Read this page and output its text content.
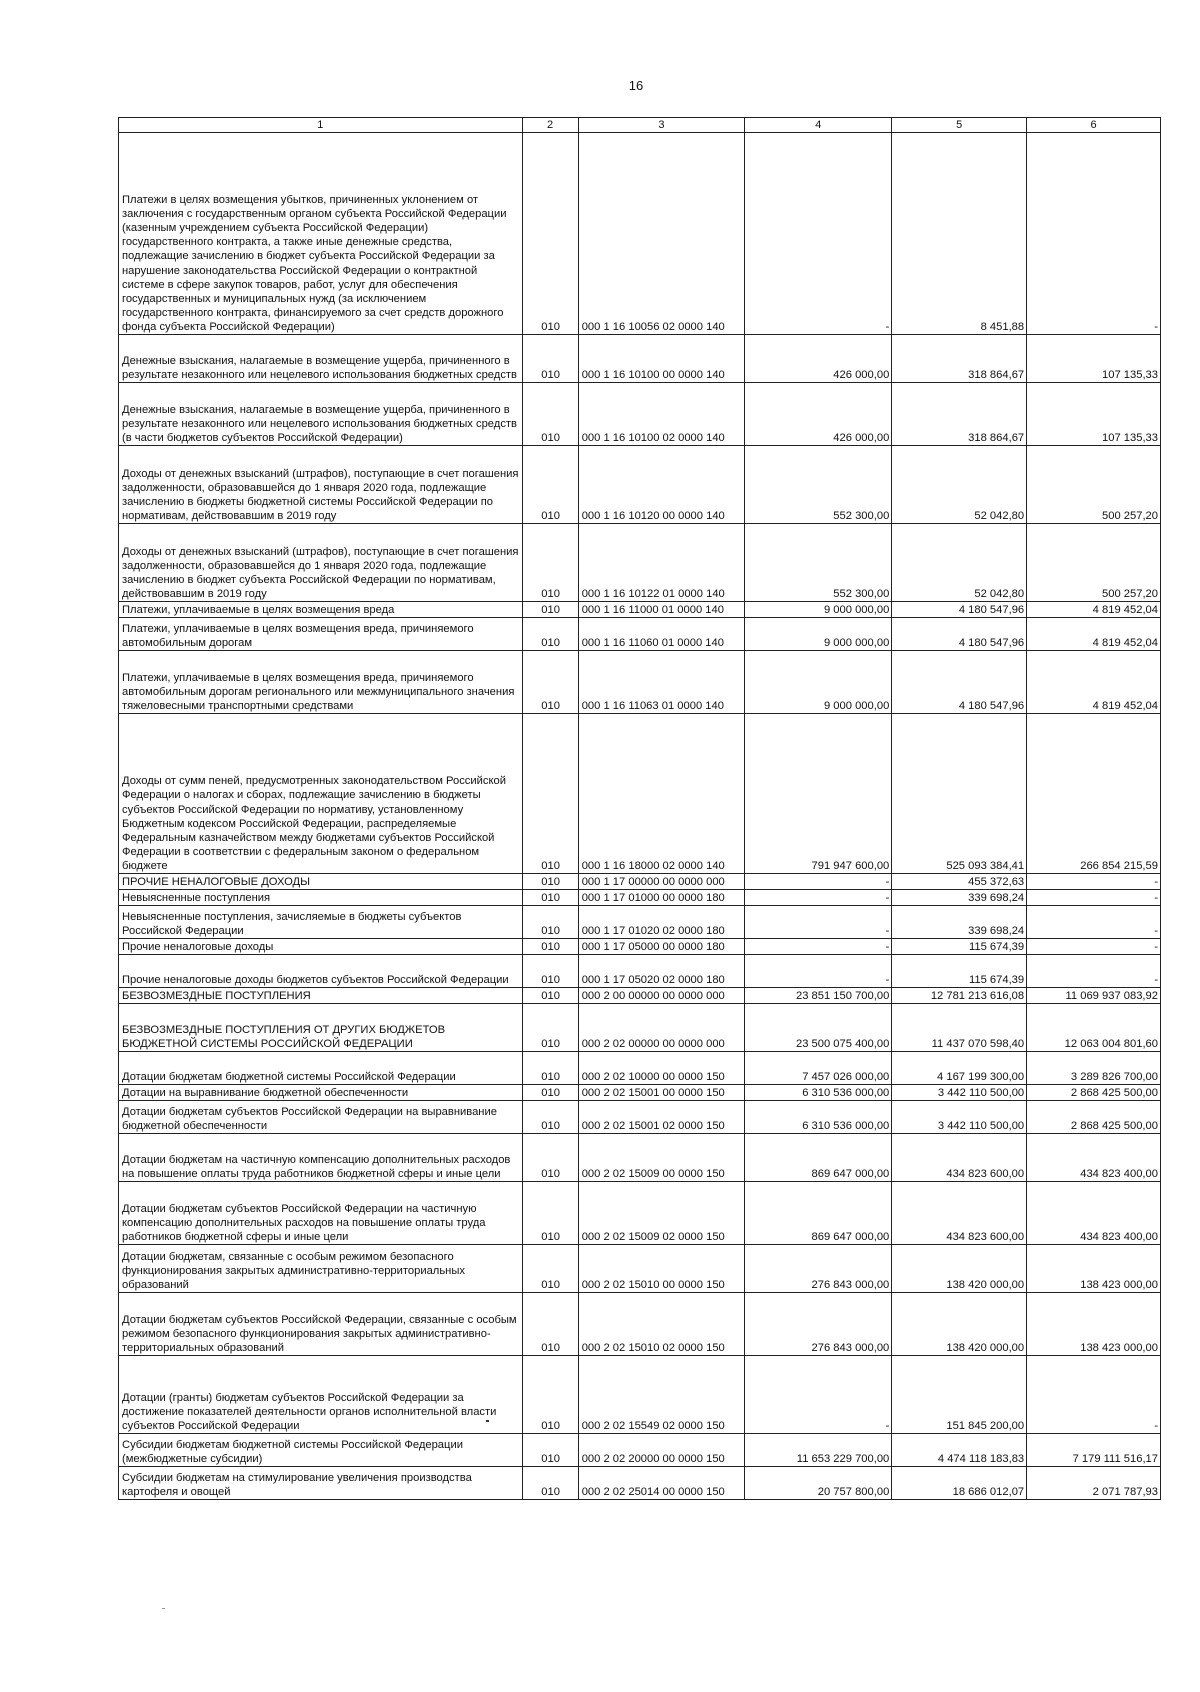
16
1	2	3	4	5	6
Платежи в целях возмещения убытков, причиненных уклонением от заключения с государственным органом субъекта Российской Федерации (казенным учреждением субъекта Российской Федерации) государственного контракта, а также иные денежные средства, подлежащие зачислению в бюджет субъекта Российской Федерации за нарушение законодательства Российской Федерации о контрактной системе в сфере закупок товаров, работ, услуг для обеспечения государственных и муниципальных нужд (за исключением государственного контракта, финансируемого за счет средств дорожного фонда субъекта Российской Федерации)	010	000 1 16 10056 02 0000 140	-	8 451,88	-
Денежные взыскания, налагаемые в возмещение ущерба, причиненного в результате незаконного или нецелевого использования бюджетных средств	010	000 1 16 10100 00 0000 140	426 000,00	318 864,67	107 135,33
Денежные взыскания, налагаемые в возмещение ущерба, причиненного в результате незаконного или нецелевого использования бюджетных средств (в части бюджетов субъектов Российской Федерации)	010	000 1 16 10100 02 0000 140	426 000,00	318 864,67	107 135,33
Доходы от денежных взысканий (штрафов), поступающие в счет погашения задолженности, образовавшейся до 1 января 2020 года, подлежащие зачислению в бюджеты бюджетной системы Российской Федерации по нормативам, действовавшим в 2019 году	010	000 1 16 10120 00 0000 140	552 300,00	52 042,80	500 257,20
Доходы от денежных взысканий (штрафов), поступающие в счет погашения задолженности, образовавшейся до 1 января 2020 года, подлежащие зачислению в бюджет субъекта Российской Федерации по нормативам, действовавшим в 2019 году	010	000 1 16 10122 01 0000 140	552 300,00	52 042,80	500 257,20
Платежи, уплачиваемые в целях возмещения вреда	010	000 1 16 11000 01 0000 140	9 000 000,00	4 180 547,96	4 819 452,04
Платежи, уплачиваемые в целях возмещения вреда, причиняемого автомобильным дорогам	010	000 1 16 11060 01 0000 140	9 000 000,00	4 180 547,96	4 819 452,04
Платежи, уплачиваемые в целях возмещения вреда, причиняемого автомобильным дорогам регионального или межмуниципального значения тяжеловесными транспортными средствами	010	000 1 16 11063 01 0000 140	9 000 000,00	4 180 547,96	4 819 452,04
Доходы от сумм пеней, предусмотренных законодательством Российской Федерации о налогах и сборах, подлежащие зачислению в бюджеты субъектов Российской Федерации по нормативу, установленному Бюджетным кодексом Российской Федерации, распределяемые Федеральным казначейством между бюджетами субъектов Российской Федерации в соответствии с федеральным законом о федеральном бюджете	010	000 1 16 18000 02 0000 140	791 947 600,00	525 093 384,41	266 854 215,59
ПРОЧИЕ НЕНАЛОГОВЫЕ ДОХОДЫ	010	000 1 17 00000 00 0000 000	-	455 372,63	-
Невыясненные поступления	010	000 1 17 01000 00 0000 180	-	339 698,24	-
Невыясненные поступления, зачисляемые в бюджеты субъектов Российской Федерации	010	000 1 17 01020 02 0000 180	-	339 698,24	-
Прочие неналоговые доходы	010	000 1 17 05000 00 0000 180	-	115 674,39	-
Прочие неналоговые доходы бюджетов субъектов Российской Федерации	010	000 1 17 05020 02 0000 180	-	115 674,39	-
БЕЗВОЗМЕЗДНЫЕ ПОСТУПЛЕНИЯ	010	000 2 00 00000 00 0000 000	23 851 150 700,00	12 781 213 616,08	11 069 937 083,92
БЕЗВОЗМЕЗДНЫЕ ПОСТУПЛЕНИЯ ОТ ДРУГИХ БЮДЖЕТОВ БЮДЖЕТНОЙ СИСТЕМЫ РОССИЙСКОЙ ФЕДЕРАЦИИ	010	000 2 02 00000 00 0000 000	23 500 075 400,00	11 437 070 598,40	12 063 004 801,60
Дотации бюджетам бюджетной системы Российской Федерации	010	000 2 02 10000 00 0000 150	7 457 026 000,00	4 167 199 300,00	3 289 826 700,00
Дотации на выравнивание бюджетной обеспеченности	010	000 2 02 15001 00 0000 150	6 310 536 000,00	3 442 110 500,00	2 868 425 500,00
Дотации бюджетам субъектов Российской Федерации на выравнивание бюджетной обеспеченности	010	000 2 02 15001 02 0000 150	6 310 536 000,00	3 442 110 500,00	2 868 425 500,00
Дотации бюджетам на частичную компенсацию дополнительных расходов на повышение оплаты труда работников бюджетной сферы и иные цели	010	000 2 02 15009 00 0000 150	869 647 000,00	434 823 600,00	434 823 400,00
Дотации бюджетам субъектов Российской Федерации на частичную компенсацию дополнительных расходов на повышение оплаты труда работников бюджетной сферы и иные цели	010	000 2 02 15009 02 0000 150	869 647 000,00	434 823 600,00	434 823 400,00
Дотации бюджетам, связанные с особым режимом безопасного функционирования закрытых административно-территориальных образований	010	000 2 02 15010 00 0000 150	276 843 000,00	138 420 000,00	138 423 000,00
Дотации бюджетам субъектов Российской Федерации, связанные с особым режимом безопасного функционирования закрытых административно-территориальных образований	010	000 2 02 15010 02 0000 150	276 843 000,00	138 420 000,00	138 423 000,00
Дотации (гранты) бюджетам субъектов Российской Федерации за достижение показателей деятельности органов исполнительной власти субъектов Российской Федерации	010	000 2 02 15549 02 0000 150	-	151 845 200,00	-
Субсидии бюджетам бюджетной системы Российской Федерации (межбюджетные субсидии)	010	000 2 02 20000 00 0000 150	11 653 229 700,00	4 474 118 183,83	7 179 111 516,17
Субсидии бюджетам на стимулирование увеличения производства картофеля и овощей	010	000 2 02 25014 00 0000 150	20 757 800,00	18 686 012,07	2 071 787,93
